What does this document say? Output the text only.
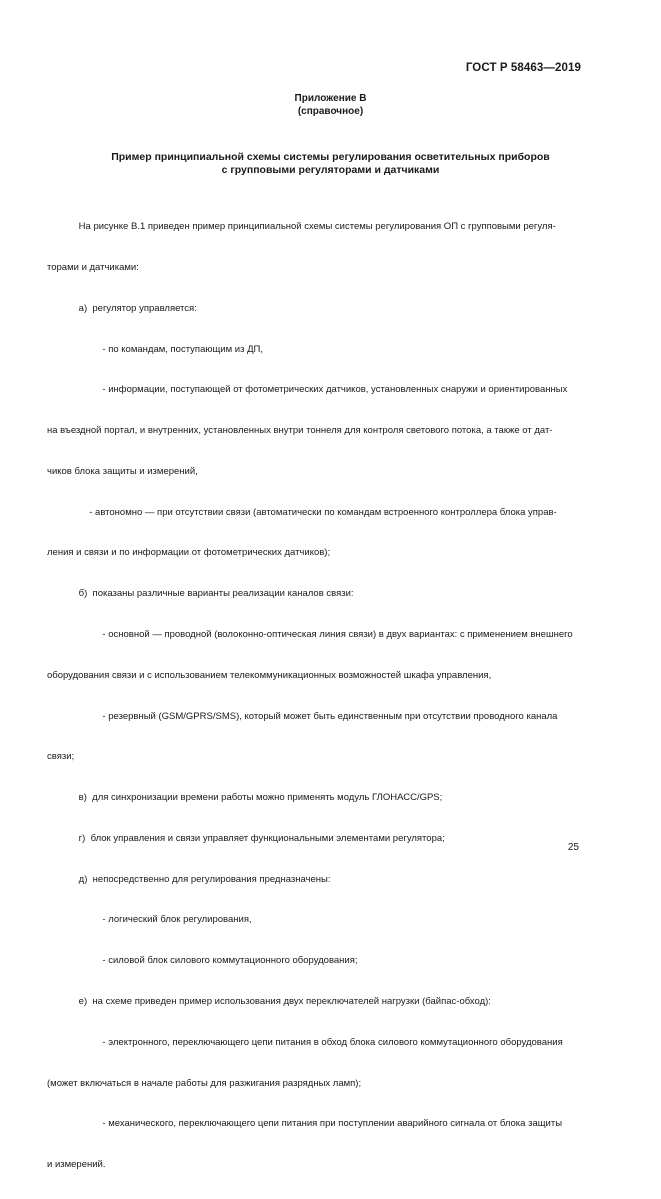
ГОСТ Р 58463—2019
Приложение В
(справочное)
Пример принципиальной схемы системы регулирования осветительных приборов
с групповыми регуляторами и датчиками

На рисунке В.1 приведен пример принципиальной схемы системы регулирования ОП с групповыми регуля-

торами и датчиками:

а)  регулятор управляется:

- по командам, поступающим из ДП,

- информации, поступающей от фотометрических датчиков, установленных снаружи и ориентированных

на въездной портал, и внутренних, установленных внутри тоннеля для контроля светового потока, а также от дат-

чиков блока защиты и измерений,

- автономно — при отсутствии связи (автоматически по командам встроенного контроллера блока управ-

ления и связи и по информации от фотометрических датчиков);

б)  показаны различные варианты реализации каналов связи:

- основной — проводной (волоконно-оптическая линия связи) в двух вариантах: с применением внешнего

оборудования связи и с использованием телекоммуникационных возможностей шкафа управления,

- резервный (GSM/GPRS/SMS), который может быть единственным при отсутствии проводного канала

связи;

в)  для синхронизации времени работы можно применять модуль ГЛОНАСС/GPS;

г)  блок управления и связи управляет функциональными элементами регулятора;

д)  непосредственно для регулирования предназначены:

- логический блок регулирования,

- силовой блок силового коммутационного оборудования;

е)  на схеме приведен пример использования двух переключателей нагрузки (байпас-обход):

- электронного, переключающего цепи питания в обход блока силового коммутационного оборудования

(может включаться в начале работы для разжигания разрядных ламп);

- механического, переключающего цепи питания при поступлении аварийного сигнала от блока защиты

и измерений.

25
